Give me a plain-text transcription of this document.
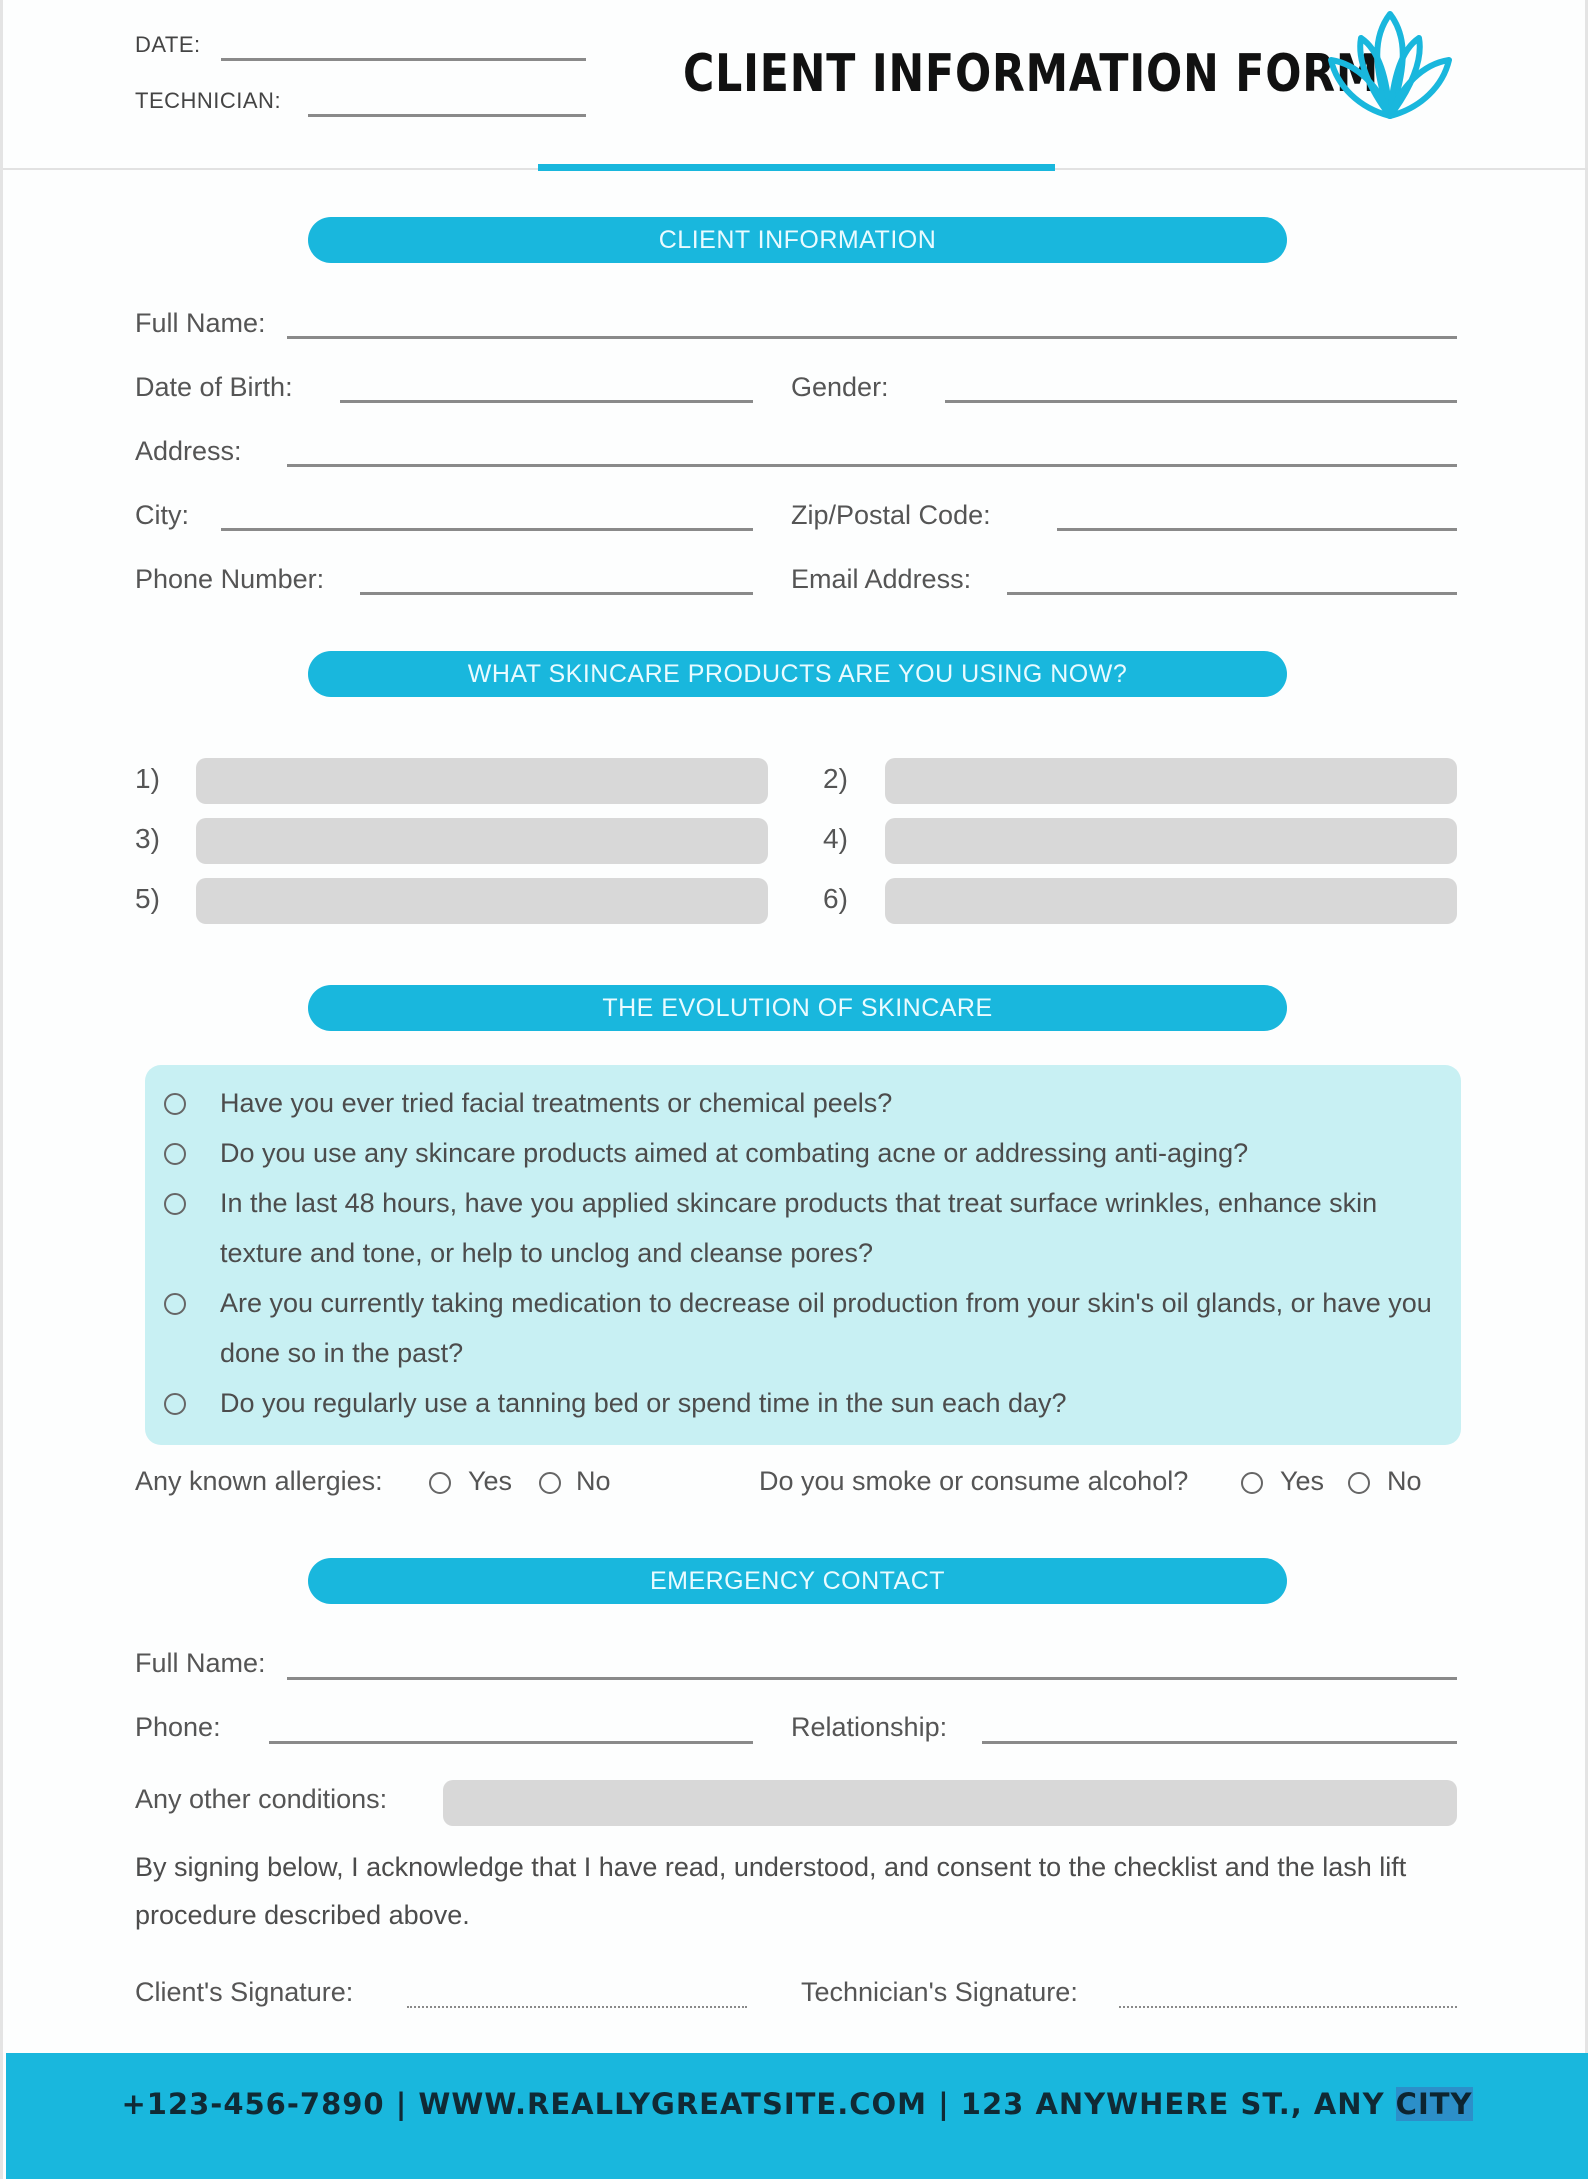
DATE:
TECHNICIAN:	CLIENT INFORMATION FORM
CLIENT INFORMATION
Full Name:
Date of Birth:	Gender:
Address:
City:	Zip/Postal Code:
Phone Number:	Email Address:
WHAT SKINCARE PRODUCTS ARE YOU USING NOW?
1)	2)
3)	4)
5)	6)
THE EVOLUTION OF SKINCARE
Have you ever tried facial treatments or chemical peels?
Do you use any skincare products aimed at combating acne or addressing anti-aging?
In the last 48 hours, have you applied skincare products that treat surface wrinkles, enhance skin texture and tone, or help to unclog and cleanse pores?
Are you currently taking medication to decrease oil production from your skin's oil glands, or have you done so in the past?
Do you regularly use a tanning bed or spend time in the sun each day?
Any known allergies:	Yes No	Do you smoke or consume alcohol?	Yes No
EMERGENCY CONTACT
Full Name:
Phone:	Relationship:
Any other conditions:
By signing below, I acknowledge that I have read, understood, and consent to the checklist and the lash lift procedure described above.
Client's Signature:	Technician's Signature:
+123-456-7890 | WWW.REALLYGREATSITE.COM | 123 ANYWHERE ST., ANY CITY
